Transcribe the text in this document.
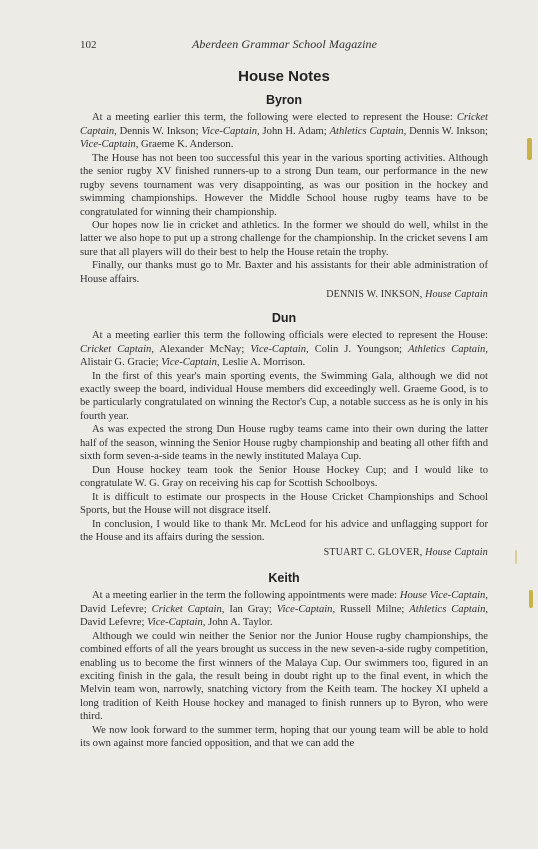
102	Aberdeen Grammar School Magazine
House Notes
Byron

At a meeting earlier this term, the following were elected to represent the House: Cricket Captain, Dennis W. Inkson; Vice-Captain, John H. Adam; Athletics Captain, Dennis W. Inkson; Vice-Captain, Graeme K. Anderson.

The House has not been too successful this year in the various sporting activities. Although the senior rugby XV finished runners-up to a strong Dun team, our performance in the new rugby sevens tournament was very disappointing, as was our position in the hockey and swimming championships. However the Middle School house rugby teams have to be congratulated for winning their championship.

Our hopes now lie in cricket and athletics. In the former we should do well, whilst in the latter we also hope to put up a strong challenge for the championship. In the cricket sevens I am sure that all players will do their best to help the House retain the trophy.

Finally, our thanks must go to Mr. Baxter and his assistants for their able administration of House affairs.

DENNIS W. INKSON, House Captain
Dun

At a meeting earlier this term the following officials were elected to represent the House: Cricket Captain, Alexander McNay; Vice-Captain, Colin J. Youngson; Athletics Captain, Alistair G. Gracie; Vice-Captain, Leslie A. Morrison.

In the first of this year's main sporting events, the Swimming Gala, although we did not exactly sweep the board, individual House members did exceedingly well. Graeme Good, is to be particularly congratulated on winning the Rector's Cup, a notable success as he is only in his fourth year.

As was expected the strong Dun House rugby teams came into their own during the latter half of the season, winning the Senior House rugby championship and beating all other fifth and sixth form seven-a-side teams in the newly instituted Malaya Cup.

Dun House hockey team took the Senior House Hockey Cup; and I would like to congratulate W. G. Gray on receiving his cap for Scottish Schoolboys.

It is difficult to estimate our prospects in the House Cricket Championships and School Sports, but the House will not disgrace itself.

In conclusion, I would like to thank Mr. McLeod for his advice and unflagging support for the House and its affairs during the session.

STUART C. GLOVER, House Captain
Keith

At a meeting earlier in the term the following appointments were made: House Vice-Captain, David Lefevre; Cricket Captain, Ian Gray; Vice-Captain, Russell Milne; Athletics Captain, David Lefevre; Vice-Captain, John A. Taylor.

Although we could win neither the Senior nor the Junior House rugby championships, the combined efforts of all the years brought us success in the new seven-a-side rugby competition, enabling us to become the first winners of the Malaya Cup. Our swimmers too, figured in an exciting finish in the gala, the result being in doubt right up to the final event, in which the Melvin team won, narrowly, snatching victory from the Keith team. The hockey XI upheld a long tradition of Keith House hockey and managed to finish runners up to Byron, who were third.

We now look forward to the summer term, hoping that our young team will be able to hold its own against more fancied opposition, and that we can add the
